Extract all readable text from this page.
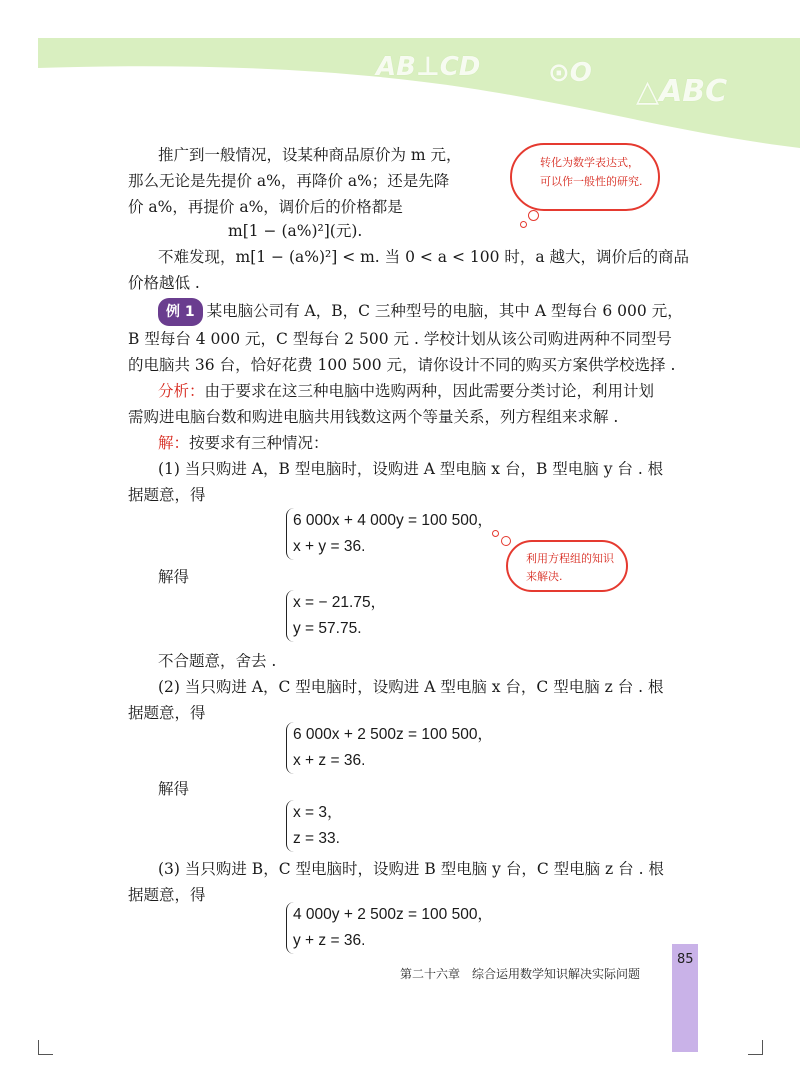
AB⊥CD	⊙O
△ABC
推广到一般情况，设某种商品原价为 m 元，
那么无论是先提价 a%，再降价 a%；还是先降
价 a%，再提价 a%，调价后的价格都是
m[1 − (a%)²](元).
不难发现，m[1 − (a%)²] < m. 当 0 < a < 100 时，a 越大，调价后的商品
价格越低 .
转化为数学表达式，可以作一般性的研究.
例 1 某电脑公司有 A，B，C 三种型号的电脑，其中 A 型每台 6 000 元，
B 型每台 4 000 元，C 型每台 2 500 元 . 学校计划从该公司购进两种不同型号
的电脑共 36 台，恰好花费 100 500 元，请你设计不同的购买方案供学校选择 .
分析：由于要求在这三种电脑中选购两种，因此需要分类讨论，利用计划
需购进电脑台数和购进电脑共用钱数这两个等量关系，列方程组来求解 .
解：按要求有三种情况：
(1) 当只购进 A，B 型电脑时，设购进 A 型电脑 x 台，B 型电脑 y 台 . 根
据题意，得
6 000x + 4 000y = 100 500，
x + y = 36.
利用方程组的知识来解决.
解得
x = − 21.75，
y = 57.75.
不合题意，舍去 .
(2) 当只购进 A，C 型电脑时，设购进 A 型电脑 x 台，C 型电脑 z 台 . 根
据题意，得
6 000x + 2 500z = 100 500，
x + z = 36.
解得
x = 3，
z = 33.
(3) 当只购进 B，C 型电脑时，设购进 B 型电脑 y 台，C 型电脑 z 台 . 根
据题意，得
4 000y + 2 500z = 100 500，
y + z = 36.
第二十六章　综合运用数学知识解决实际问题
85
